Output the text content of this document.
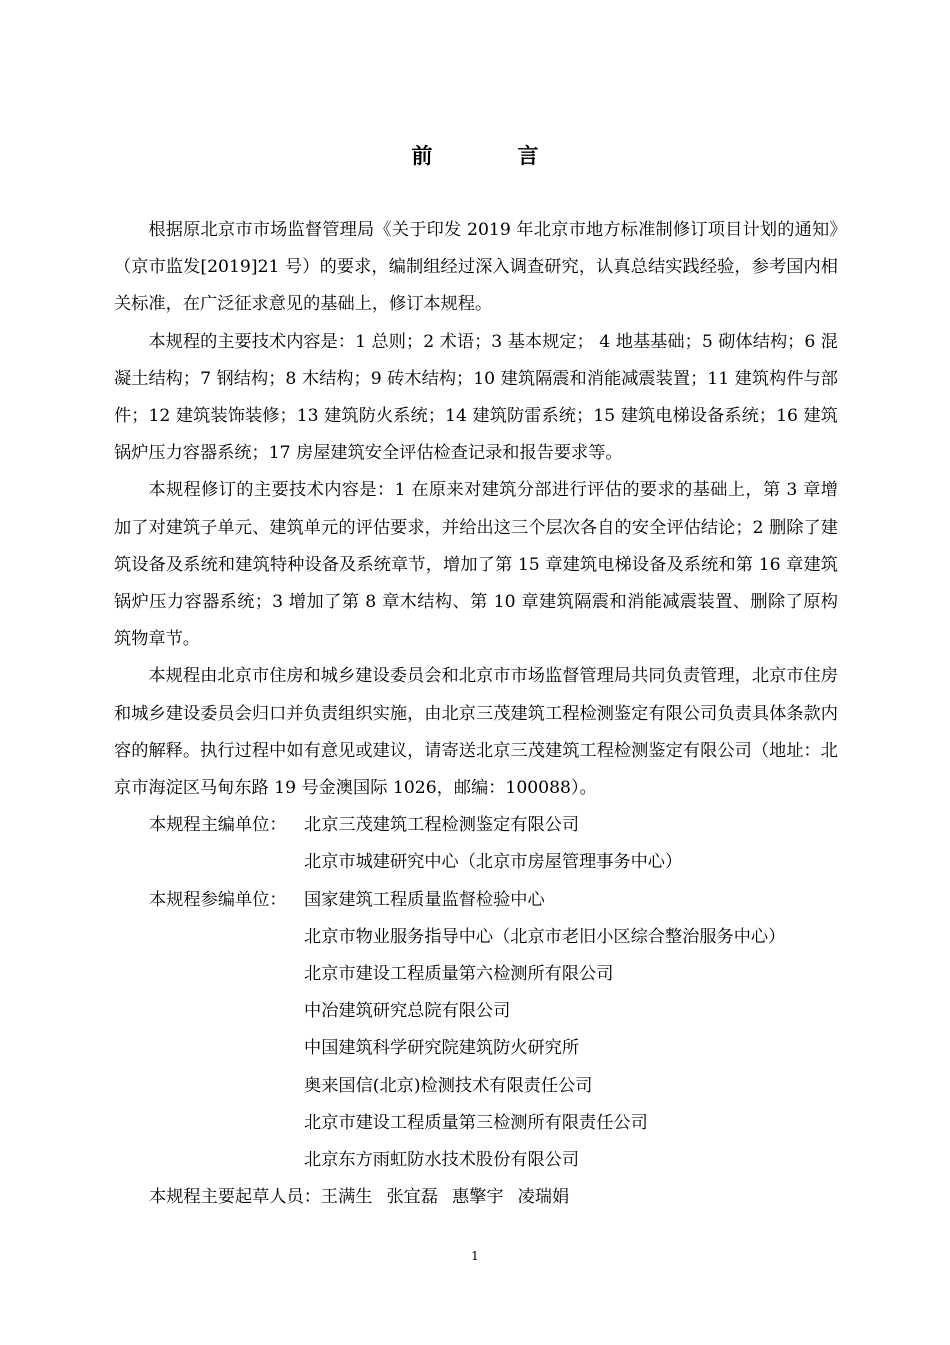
前　言

根据原北京市市场监督管理局《关于印发 2019 年北京市地方标准制修订项目计划的通知》（京市监发[2019]21 号）的要求，编制组经过深入调查研究，认真总结实践经验，参考国内相关标准，在广泛征求意见的基础上，修订本规程。

本规程的主要技术内容是：1 总则；2 术语；3 基本规定； 4 地基基础；5 砌体结构；6 混凝土结构；7 钢结构；8 木结构；9 砖木结构；10 建筑隔震和消能减震装置；11 建筑构件与部件；12 建筑装饰装修；13 建筑防火系统；14 建筑防雷系统；15 建筑电梯设备系统；16 建筑锅炉压力容器系统；17 房屋建筑安全评估检查记录和报告要求等。

本规程修订的主要技术内容是：1 在原来对建筑分部进行评估的要求的基础上，第 3 章增加了对建筑子单元、建筑单元的评估要求，并给出这三个层次各自的安全评估结论；2 删除了建筑设备及系统和建筑特种设备及系统章节，增加了第 15 章建筑电梯设备及系统和第 16 章建筑锅炉压力容器系统；3 增加了第 8 章木结构、第 10 章建筑隔震和消能减震装置、删除了原构筑物章节。

本规程由北京市住房和城乡建设委员会和北京市市场监督管理局共同负责管理，北京市住房和城乡建设委员会归口并负责组织实施，由北京三茂建筑工程检测鉴定有限公司负责具体条款内容的解释。执行过程中如有意见或建议，请寄送北京三茂建筑工程检测鉴定有限公司（地址：北京市海淀区马甸东路 19 号金澳国际 1026，邮编：100088）。

本规程主编单位：	北京三茂建筑工程检测鉴定有限公司
北京市城建研究中心（北京市房屋管理事务中心）
本规程参编单位：	国家建筑工程质量监督检验中心
北京市物业服务指导中心（北京市老旧小区综合整治服务中心）
北京市建设工程质量第六检测所有限公司
中冶建筑研究总院有限公司
中国建筑科学研究院建筑防火研究所
奥来国信(北京)检测技术有限责任公司
北京市建设工程质量第三检测所有限责任公司
北京东方雨虹防水技术股份有限公司
本规程主要起草人员：王满生 张宜磊 惠擎宇 凌瑞娟
1
